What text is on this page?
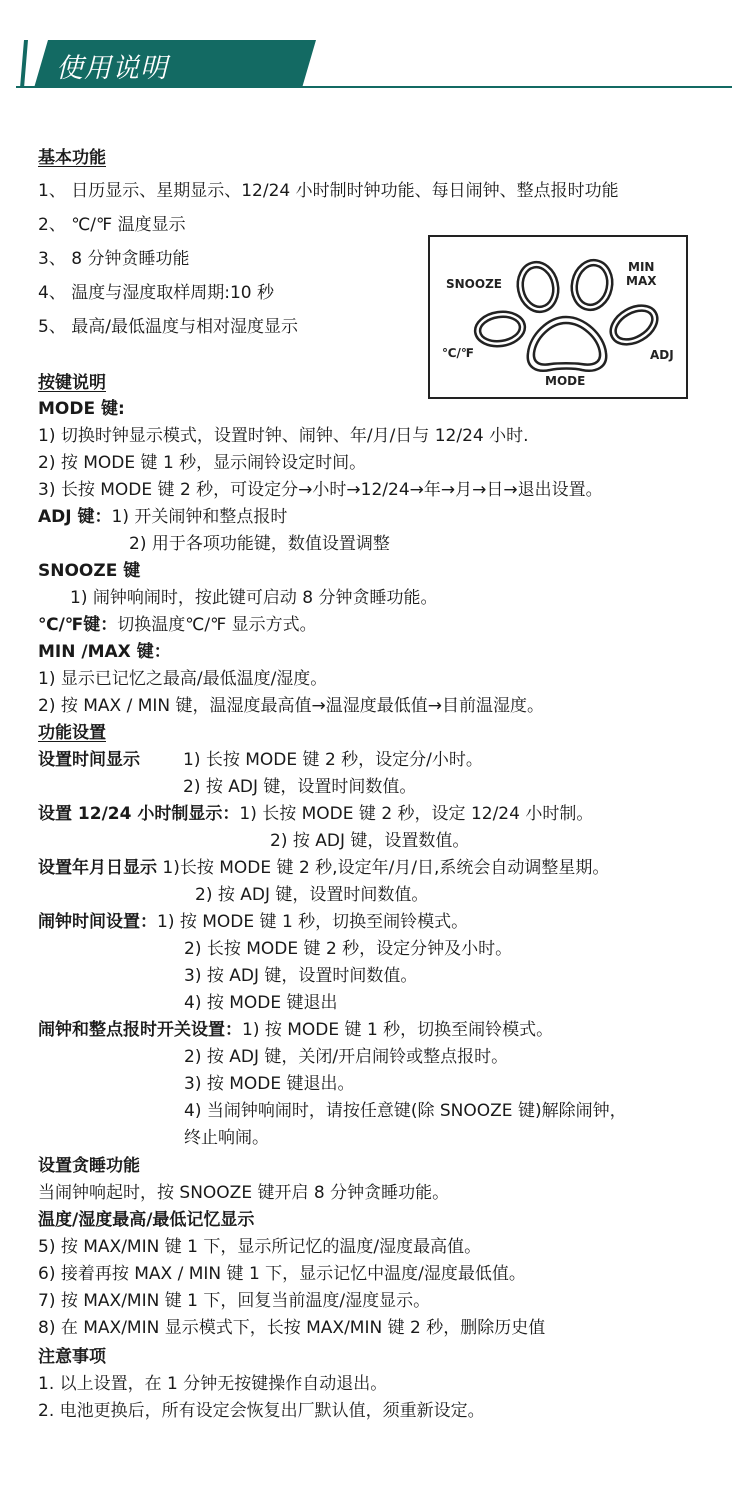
使用说明
基本功能
1、 日历显示、星期显示、12/24 小时制时钟功能、每日闹钟、整点报时功能
2、 ℃/℉ 温度显示
3、 8 分钟贪睡功能
4、 温度与湿度取样周期:10 秒
5、 最高/最低温度与相对湿度显示
SNOOZE
MIN
MAX
℃/℉	ADJ
MODE
按键说明
MODE 键:
1) 切换时钟显示模式，设置时钟、闹钟、年/月/日与 12/24 小时.
2) 按 MODE 键 1 秒，显示闹铃设定时间。
3) 长按 MODE 键 2 秒，可设定分→小时→12/24→年→月→日→退出设置。
ADJ 键：1) 开关闹钟和整点报时
2) 用于各项功能键，数值设置调整
SNOOZE 键
1) 闹钟响闹时，按此键可启动 8 分钟贪睡功能。
℃/℉键：切换温度℃/℉ 显示方式。
MIN /MAX 键：
1) 显示已记忆之最高/最低温度/湿度。
2) 按 MAX / MIN 键，温湿度最高值→温湿度最低值→目前温湿度。
功能设置
设置时间显示	1) 长按 MODE 键 2 秒，设定分/小时。
2) 按 ADJ 键，设置时间数值。
设置 12/24 小时制显示：1) 长按 MODE 键 2 秒，设定 12/24 小时制。
2) 按 ADJ 键，设置数值。
设置年月日显示 1)长按 MODE 键 2 秒,设定年/月/日,系统会自动调整星期。
2) 按 ADJ 键，设置时间数值。
闹钟时间设置：1) 按 MODE 键 1 秒，切换至闹铃模式。
2) 长按 MODE 键 2 秒，设定分钟及小时。
3) 按 ADJ 键，设置时间数值。
4) 按 MODE 键退出
闹钟和整点报时开关设置：1) 按 MODE 键 1 秒，切换至闹铃模式。
2) 按 ADJ 键，关闭/开启闹铃或整点报时。
3) 按 MODE 键退出。
4) 当闹钟响闹时，请按任意键(除 SNOOZE 键)解除闹钟，
终止响闹。
设置贪睡功能
当闹钟响起时，按 SNOOZE 键开启 8 分钟贪睡功能。
温度/湿度最高/最低记忆显示
5) 按 MAX/MIN 键 1 下，显示所记忆的温度/湿度最高值。
6) 接着再按 MAX / MIN 键 1 下，显示记忆中温度/湿度最低值。
7) 按 MAX/MIN 键 1 下，回复当前温度/湿度显示。
8) 在 MAX/MIN 显示模式下，长按 MAX/MIN 键 2 秒，删除历史值
注意事项
1. 以上设置，在 1 分钟无按键操作自动退出。
2. 电池更换后，所有设定会恢复出厂默认值，须重新设定。
